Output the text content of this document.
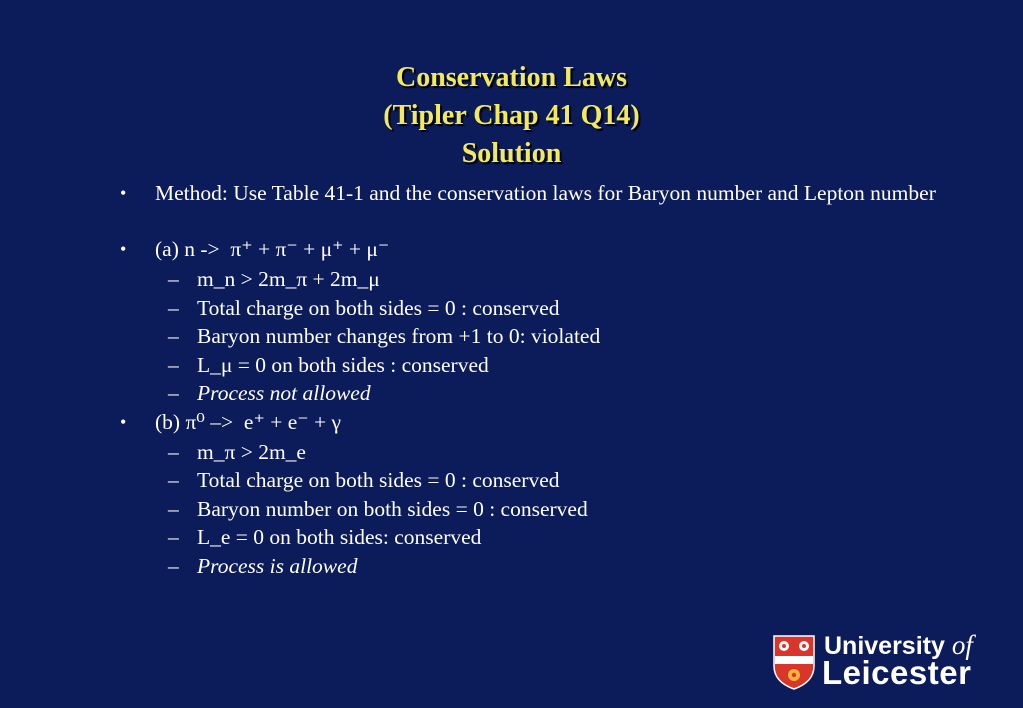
Conservation Laws
(Tipler Chap 41 Q14)
Solution
• Method: Use Table 41-1 and the conservation laws for Baryon number and Lepton number
• (a) n -> π⁺ + π⁻ + μ⁺ + μ⁻
– m_n > 2m_π + 2m_μ
– Total charge on both sides = 0 : conserved
– Baryon number changes from +1 to 0: violated
– L_μ = 0 on both sides : conserved
– Process not allowed
• (b) π⁰ –> e⁺ + e⁻ + γ
– m_π > 2m_e
– Total charge on both sides = 0 : conserved
– Baryon number on both sides = 0 : conserved
– L_e = 0 on both sides: conserved
– Process is allowed
University of
Leicester
